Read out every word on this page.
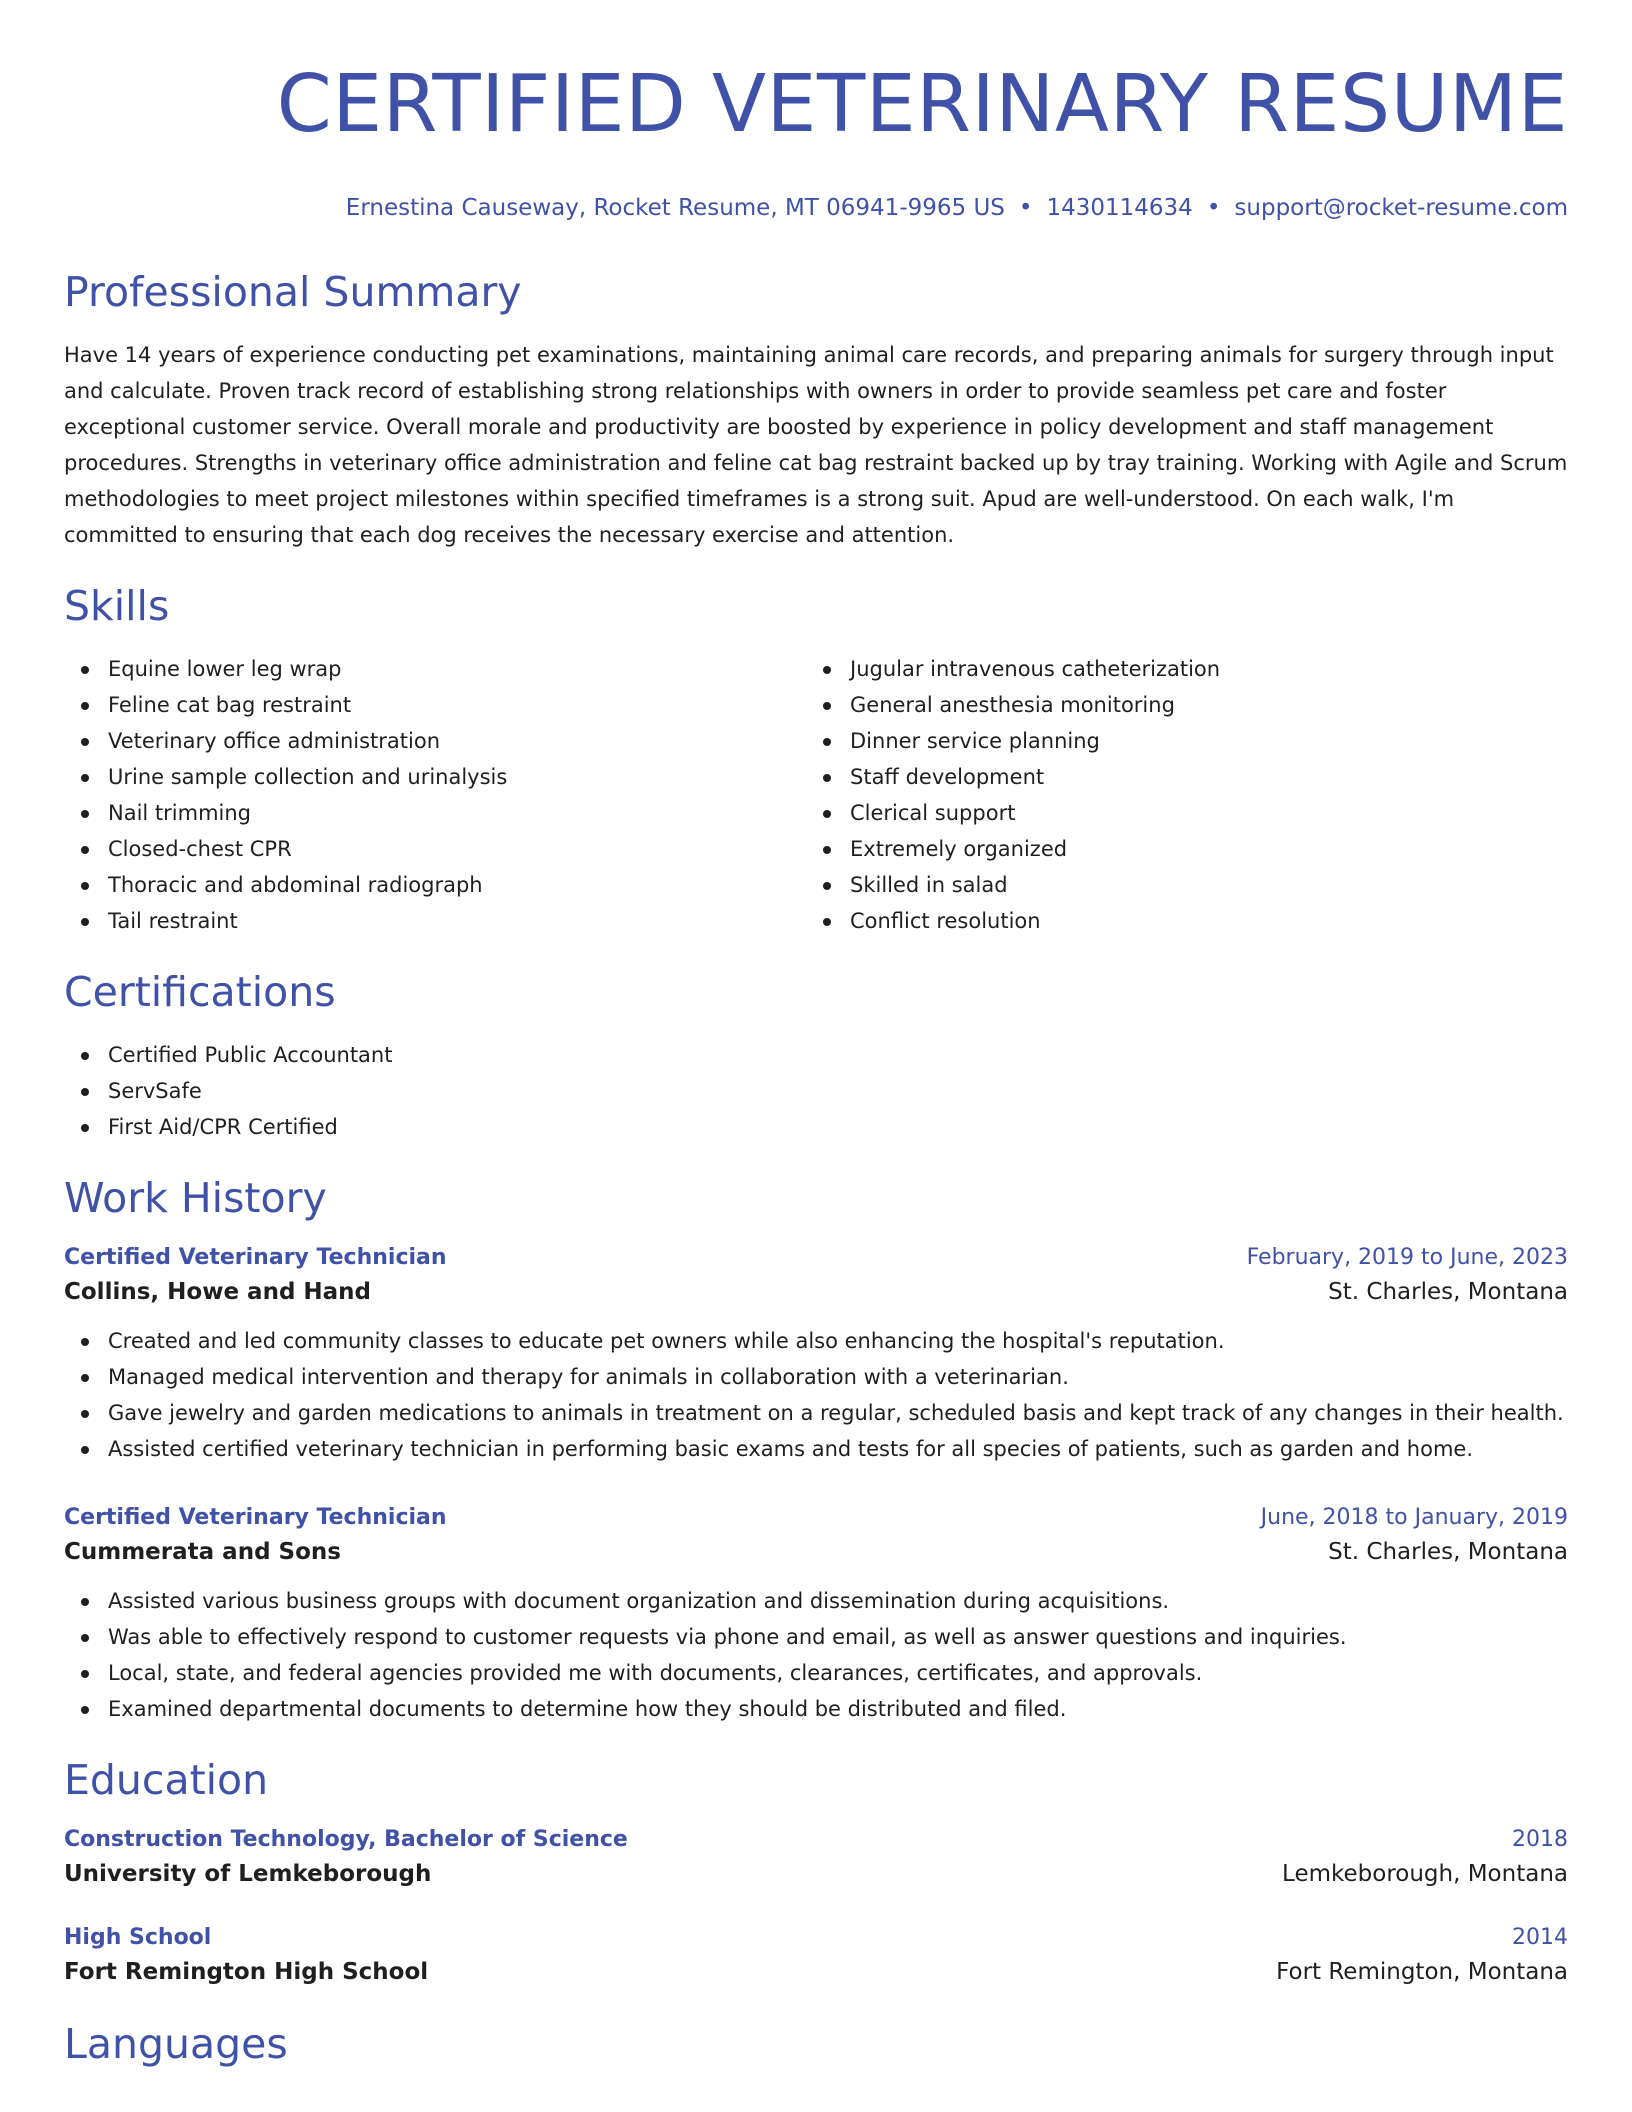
CERTIFIED VETERINARY RESUME
Ernestina Causeway, Rocket Resume, MT 06941-9965 US • 1430114634 • support@rocket-resume.com
Professional Summary

Have 14 years of experience conducting pet examinations, maintaining animal care records, and preparing animals for surgery through input and calculate. Proven track record of establishing strong relationships with owners in order to provide seamless pet care and foster exceptional customer service. Overall morale and productivity are boosted by experience in policy development and staff management procedures. Strengths in veterinary office administration and feline cat bag restraint backed up by tray training. Working with Agile and Scrum methodologies to meet project milestones within specified timeframes is a strong suit. Apud are well-understood. On each walk, I'm committed to ensuring that each dog receives the necessary exercise and attention.

Skills
Equine lower leg wrap
Feline cat bag restraint
Veterinary office administration
Urine sample collection and urinalysis
Nail trimming
Closed-chest CPR
Thoracic and abdominal radiograph
Tail restraint
Jugular intravenous catheterization
General anesthesia monitoring
Dinner service planning
Staff development
Clerical support
Extremely organized
Skilled in salad
Conflict resolution
Certifications
Certified Public Accountant
ServSafe
First Aid/CPR Certified
Work History
Certified Veterinary Technician	February, 2019 to June, 2023
Collins, Howe and Hand	St. Charles, Montana
Created and led community classes to educate pet owners while also enhancing the hospital's reputation.
Managed medical intervention and therapy for animals in collaboration with a veterinarian.
Gave jewelry and garden medications to animals in treatment on a regular, scheduled basis and kept track of any changes in their health.
Assisted certified veterinary technician in performing basic exams and tests for all species of patients, such as garden and home.
Certified Veterinary Technician	June, 2018 to January, 2019
Cummerata and Sons	St. Charles, Montana
Assisted various business groups with document organization and dissemination during acquisitions.
Was able to effectively respond to customer requests via phone and email, as well as answer questions and inquiries.
Local, state, and federal agencies provided me with documents, clearances, certificates, and approvals.
Examined departmental documents to determine how they should be distributed and filed.
Education
Construction Technology, Bachelor of Science	2018
University of Lemkeborough	Lemkeborough, Montana
High School	2014
Fort Remington High School	Fort Remington, Montana
Languages
